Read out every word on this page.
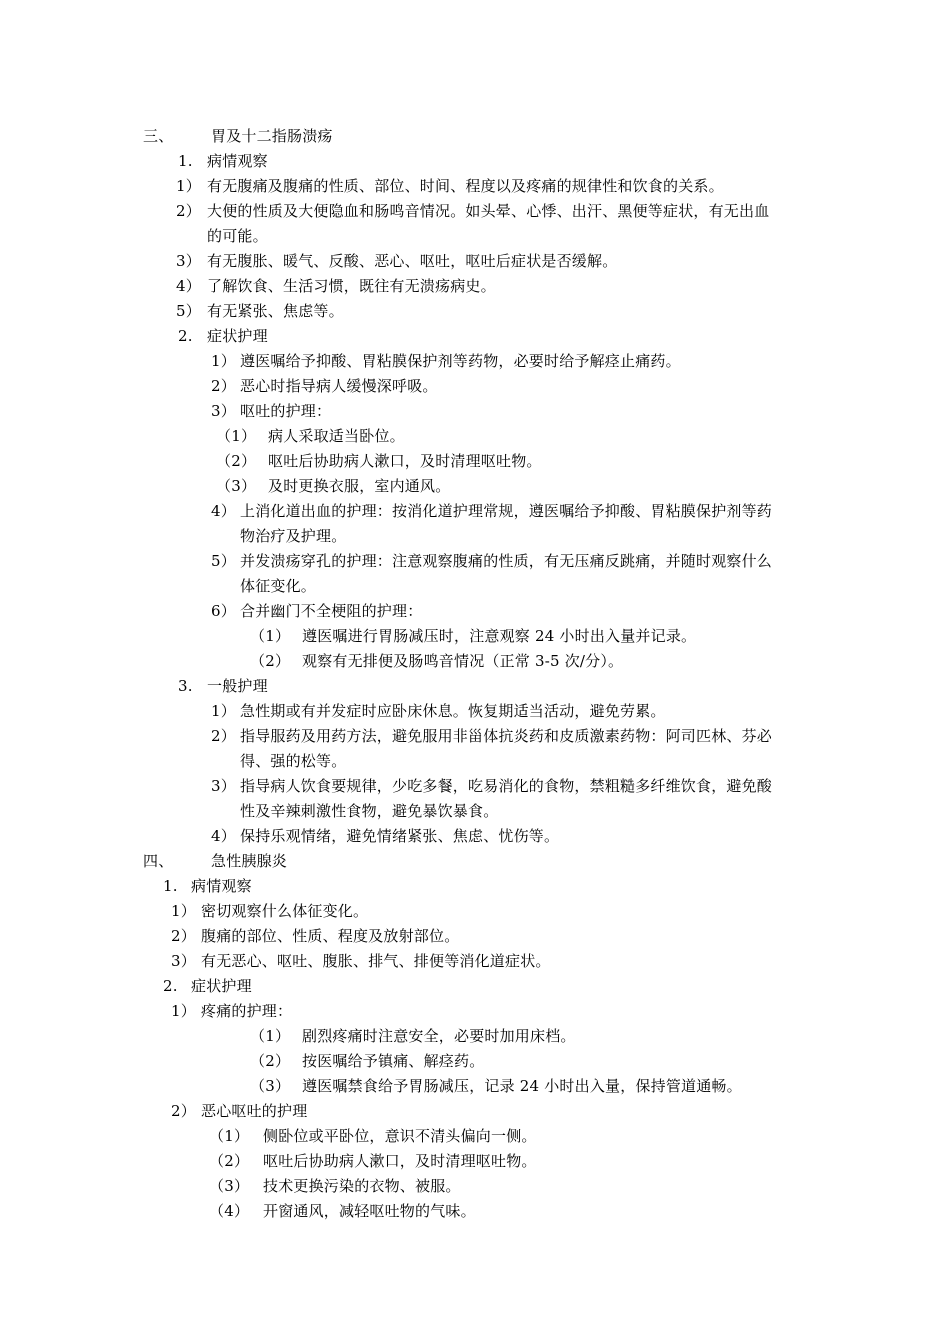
三、	胃及十二指肠溃疡
1. 病情观察
1） 有无腹痛及腹痛的性质、部位、时间、程度以及疼痛的规律性和饮食的关系。
2） 大便的性质及大便隐血和肠鸣音情况。如头晕、心悸、出汗、黑便等症状，有无出血
的可能。
3） 有无腹胀、暖气、反酸、恶心、呕吐，呕吐后症状是否缓解。
4） 了解饮食、生活习惯，既往有无溃疡病史。
5） 有无紧张、焦虑等。
2. 症状护理
1） 遵医嘱给予抑酸、胃粘膜保护剂等药物，必要时给予解痉止痛药。
2） 恶心时指导病人缓慢深呼吸。
3） 呕吐的护理：
（1） 病人采取适当卧位。
（2） 呕吐后协助病人漱口，及时清理呕吐物。
（3） 及时更换衣服，室内通风。
4） 上消化道出血的护理：按消化道护理常规，遵医嘱给予抑酸、胃粘膜保护剂等药
物治疗及护理。
5） 并发溃疡穿孔的护理：注意观察腹痛的性质，有无压痛反跳痛，并随时观察什么
体征变化。
6） 合并幽门不全梗阻的护理：
（1） 遵医嘱进行胃肠减压时，注意观察 24 小时出入量并记录。
（2） 观察有无排便及肠鸣音情况（正常 3-5 次/分）。
3. 一般护理
1） 急性期或有并发症时应卧床休息。恢复期适当活动，避免劳累。
2） 指导服药及用药方法，避免服用非甾体抗炎药和皮质激素药物：阿司匹林、芬必
得、强的松等。
3） 指导病人饮食要规律，少吃多餐，吃易消化的食物，禁粗糙多纤维饮食，避免酸
性及辛辣刺激性食物，避免暴饮暴食。
4） 保持乐观情绪，避免情绪紧张、焦虑、忧伤等。
四、	急性胰腺炎
1. 病情观察
1） 密切观察什么体征变化。
2） 腹痛的部位、性质、程度及放射部位。
3） 有无恶心、呕吐、腹胀、排气、排便等消化道症状。
2. 症状护理
1） 疼痛的护理：
（1） 剧烈疼痛时注意安全，必要时加用床档。
（2） 按医嘱给予镇痛、解痉药。
（3） 遵医嘱禁食给予胃肠减压，记录 24 小时出入量，保持管道通畅。
2） 恶心呕吐的护理
（1） 侧卧位或平卧位，意识不清头偏向一侧。
（2） 呕吐后协助病人漱口，及时清理呕吐物。
（3） 技术更换污染的衣物、被服。
（4） 开窗通风，减轻呕吐物的气味。
